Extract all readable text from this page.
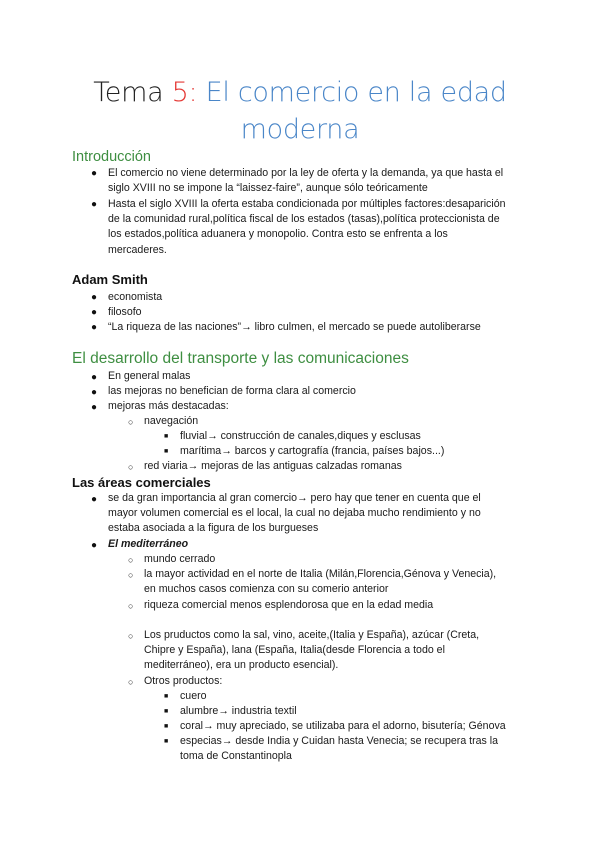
Tema 5: El comercio en la edad
moderna
Introducción
● El comercio no viene determinado por la ley de oferta y la demanda, ya que hasta el
siglo XVIII no se impone la “laissez-faire”, aunque sólo teóricamente
● Hasta el siglo XVIII la oferta estaba condicionada por múltiples factores:desaparición
de la comunidad rural,política fiscal de los estados (tasas),política proteccionista de
los estados,política aduanera y monopolio. Contra esto se enfrenta a los
mercaderes.
Adam Smith
● economista
● filosofo
● “La riqueza de las naciones”→ libro culmen, el mercado se puede autoliberarse
El desarrollo del transporte y las comunicaciones
● En general malas
● las mejoras no benefician de forma clara al comercio
● mejoras más destacadas:
○ navegación
■ fluvial→ construcción de canales,diques y esclusas
■ marítima→ barcos y cartografía (francia, países bajos...)
○ red viaria→ mejoras de las antiguas calzadas romanas
Las áreas comerciales
● se da gran importancia al gran comercio→ pero hay que tener en cuenta que el
mayor volumen comercial es el local, la cual no dejaba mucho rendimiento y no
estaba asociada a la figura de los burgueses
● El mediterráneo
○ mundo cerrado
○ la mayor actividad en el norte de Italia (Milán,Florencia,Génova y Venecia),
en muchos casos comienza con su comerio anterior
○ riqueza comercial menos esplendorosa que en la edad media
○ Los pruductos como la sal, vino, aceite,(Italia y España), azúcar (Creta,
Chipre y España), lana (España, Italia(desde Florencia a todo el
mediterráneo), era un producto esencial).
○ Otros productos:
■ cuero
■ alumbre→ industria textil
■ coral→ muy apreciado, se utilizaba para el adorno, bisutería; Génova
■ especias→ desde India y Cuidan hasta Venecia; se recupera tras la
toma de Constantinopla
